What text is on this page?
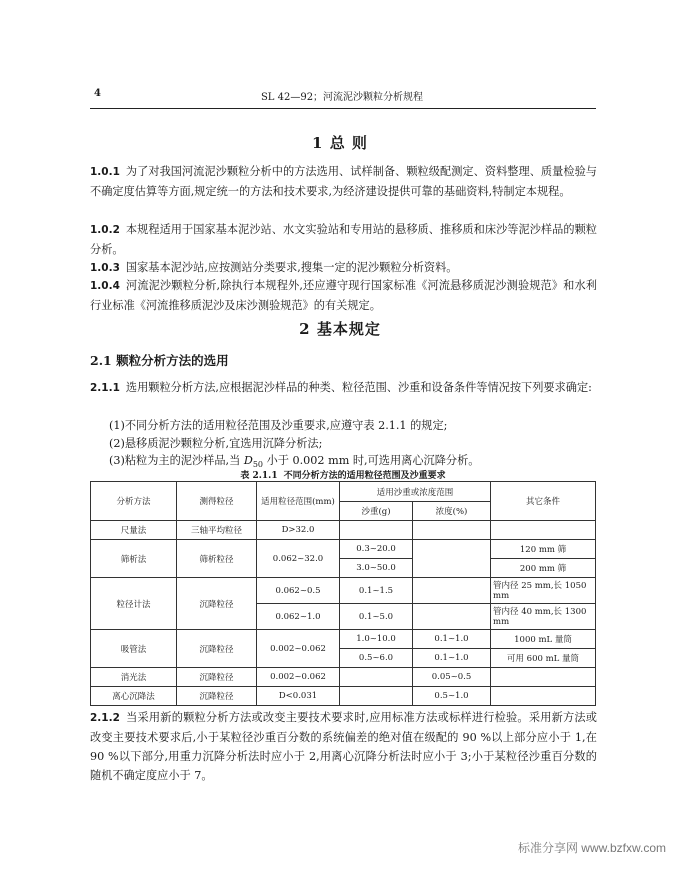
4	SL 42—92；河流泥沙颗粒分析规程
1 总 则
1.0.1 为了对我国河流泥沙颗粒分析中的方法选用、试样制备、颗粒级配测定、资料整理、质量检验与不确定度估算等方面,规定统一的方法和技术要求,为经济建设提供可靠的基础资料,特制定本规程。
1.0.2 本规程适用于国家基本泥沙站、水文实验站和专用站的悬移质、推移质和床沙等泥沙样品的颗粒分析。
1.0.3 国家基本泥沙站,应按测站分类要求,搜集一定的泥沙颗粒分析资料。
1.0.4 河流泥沙颗粒分析,除执行本规程外,还应遵守现行国家标准《河流悬移质泥沙测验规范》和水利行业标准《河流推移质泥沙及床沙测验规范》的有关规定。
2 基本规定
2.1 颗粒分析方法的选用
2.1.1 选用颗粒分析方法,应根据泥沙样品的种类、粒径范围、沙重和设备条件等情况按下列要求确定:
(1)不同分析方法的适用粒径范围及沙重要求,应遵守表 2.1.1 的规定;
(2)悬移质泥沙颗粒分析,宜选用沉降分析法;
(3)粘粒为主的泥沙样品,当 $D_{50}$ 小于 0.002 mm 时,可选用离心沉降分析。
表 2.1.1 不同分析方法的适用粒径范围及沙重要求
分析方法	测得粒径	适用粒径范围(mm)	适用沙重或浓度范围		其它条件
			沙重(g)	浓度(%)	
尺量法	三轴平均粒径	D>32.0			
筛析法	筛析粒径	0.062~32.0	0.3~20.0		120 mm 筛
			3.0~50.0		200 mm 筛
粒径计法	沉降粒径	0.062~0.5	0.1~1.5		管内径 25 mm,长 1050 mm
		0.062~1.0	0.1~5.0		管内径 40 mm,长 1300 mm
吸管法	沉降粒径	0.002~0.062	1.0~10.0	0.1~1.0	1000 mL 量筒
			0.5~6.0	0.1~1.0	可用 600 mL 量筒
消光法	沉降粒径	0.002~0.062		0.05~0.5	
离心沉降法	沉降粒径	D<0.031		0.5~1.0	
2.1.2 当采用新的颗粒分析方法或改变主要技术要求时,应用标准方法或标样进行检验。采用新方法或改变主要技术要求后,小于某粒径沙重百分数的系统偏差的绝对值在级配的 90 %以上部分应小于 1,在 90 %以下部分,用重力沉降分析法时应小于 2,用离心沉降分析法时应小于 3;小于某粒径沙重百分数的随机不确定度应小于 7。
标准分享网 www.bzfxw.com
